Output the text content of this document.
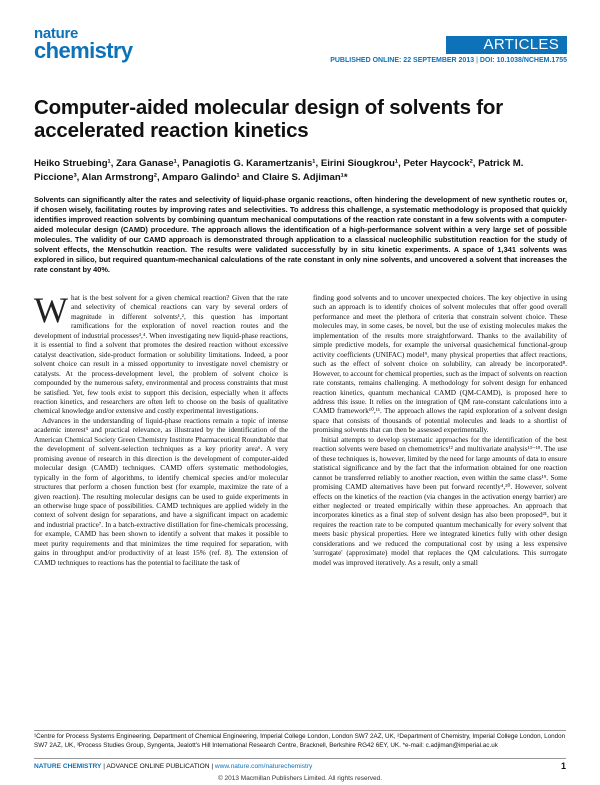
nature
chemistry	ARTICLES
PUBLISHED ONLINE: 22 SEPTEMBER 2013 | DOI: 10.1038/NCHEM.1755
Computer-aided molecular design of solvents for accelerated reaction kinetics
Heiko Struebing¹, Zara Ganase¹, Panagiotis G. Karamertzanis¹, Eirini Siougkrou¹, Peter Haycock², Patrick M. Piccione³, Alan Armstrong², Amparo Galindo¹ and Claire S. Adjiman¹*

Solvents can significantly alter the rates and selectivity of liquid-phase organic reactions, often hindering the development of new synthetic routes or, if chosen wisely, facilitating routes by improving rates and selectivities. To address this challenge, a systematic methodology is proposed that quickly identifies improved reaction solvents by combining quantum mechanical computations of the reaction rate constant in a few solvents with a computer-aided molecular design (CAMD) procedure. The approach allows the identification of a high-performance solvent within a very large set of possible molecules. The validity of our CAMD approach is demonstrated through application to a classical nucleophilic substitution reaction for the study of solvent effects, the Menschutkin reaction. The results were validated successfully by in situ kinetic experiments. A space of 1,341 solvents was explored in silico, but required quantum-mechanical calculations of the rate constant in only nine solvents, and uncovered a solvent that increases the rate constant by 40%.

What is the best solvent for a given chemical reaction? Given that the rate and selectivity of chemical reactions can vary by several orders of magnitude in different solvents¹,², this question has important ramifications for the exploration of novel reaction routes and the development of industrial processes³,⁴. When investigating new liquid-phase reactions, it is essential to find a solvent that promotes the desired reaction without excessive catalyst deactivation, side-product formation or solubility limitations. Indeed, a poor solvent choice can result in a missed opportunity to investigate novel chemistry or catalysts. At the process-development level, the problem of solvent choice is compounded by the numerous safety, environmental and process constraints that must be satisfied. Yet, few tools exist to support this decision, especially when it affects reaction kinetics, and researchers are often left to choose on the basis of qualitative chemical knowledge and/or extensive and costly experimental investigations.

Advances in the understanding of liquid-phase reactions remain a topic of intense academic interest⁵ and practical relevance, as illustrated by the identification of the American Chemical Society Green Chemistry Institute Pharmaceutical Roundtable that the development of solvent-selection techniques as a key priority area⁶. A very promising avenue of research in this direction is the development of computer-aided molecular design (CAMD) techniques. CAMD offers systematic methodologies, typically in the form of algorithms, to identify chemical species and/or molecular structures that perform a chosen function best (for example, maximize the rate of a given reaction). The resulting molecular designs can be used to guide experiments in an otherwise huge space of possibilities. CAMD techniques are applied widely in the context of solvent design for separations, and have a significant impact on academic and industrial practice⁷. In a batch-extractive distillation for fine-chemicals processing, for example, CAMD has been shown to identify a solvent that makes it possible to meet purity requirements and that minimizes the time required for separation, with gains in throughput and/or productivity of at least 15% (ref. 8). The extension of CAMD techniques to reactions has the potential to facilitate the task of

finding good solvents and to uncover unexpected choices. The key objective in using such an approach is to identify choices of solvent molecules that offer good overall performance and meet the plethora of criteria that constrain solvent choice. These molecules may, in some cases, be novel, but the use of existing molecules makes the implementation of the results more straightforward. Thanks to the availability of simple predictive models, for example the universal quasichemical functional-group activity coefficients (UNIFAC) model⁹, many physical properties that affect reactions, such as the effect of solvent choice on solubility, can already be incorporated⁸. However, to account for chemical properties, such as the impact of solvents on reaction rate constants, remains challenging. A methodology for solvent design for enhanced reaction kinetics, quantum mechanical CAMD (QM-CAMD), is proposed here to address this issue. It relies on the integration of QM rate-constant calculations into a CAMD framework¹⁰,¹¹. The approach allows the rapid exploration of a solvent design space that consists of thousands of potential molecules and leads to a shortlist of promising solvents that can then be assessed experimentally.

Initial attempts to develop systematic approaches for the identification of the best reaction solvents were based on chemometrics¹² and multivariate analysis¹³⁻¹⁸. The use of these techniques is, however, limited by the need for large amounts of data to ensure statistical significance and by the fact that the information obtained for one reaction cannot be transferred reliably to another reaction, even within the same class¹⁹. Some promising CAMD alternatives have been put forward recently⁴,²⁰. However, solvent effects on the kinetics of the reaction (via changes in the activation energy barrier) are either neglected or treated empirically within these approaches. An approach that incorporates kinetics as a final step of solvent design has also been proposed²¹, but it requires the reaction rate to be computed quantum mechanically for every solvent that meets basic physical properties. Here we integrated kinetics fully with other design considerations and we reduced the computational cost by using a less expensive 'surrogate' (approximate) model that replaces the QM calculations. This surrogate model was improved iteratively. As a result, only a small

¹Centre for Process Systems Engineering, Department of Chemical Engineering, Imperial College London, London SW7 2AZ, UK, ²Department of Chemistry, Imperial College London, London SW7 2AZ, UK, ³Process Studies Group, Syngenta, Jealott's Hill International Research Centre, Bracknell, Berkshire RG42 6EY, UK. *e-mail: c.adjiman@imperial.ac.uk

NATURE CHEMISTRY | ADVANCE ONLINE PUBLICATION | www.nature.com/naturechemistry	1
© 2013 Macmillan Publishers Limited. All rights reserved.
